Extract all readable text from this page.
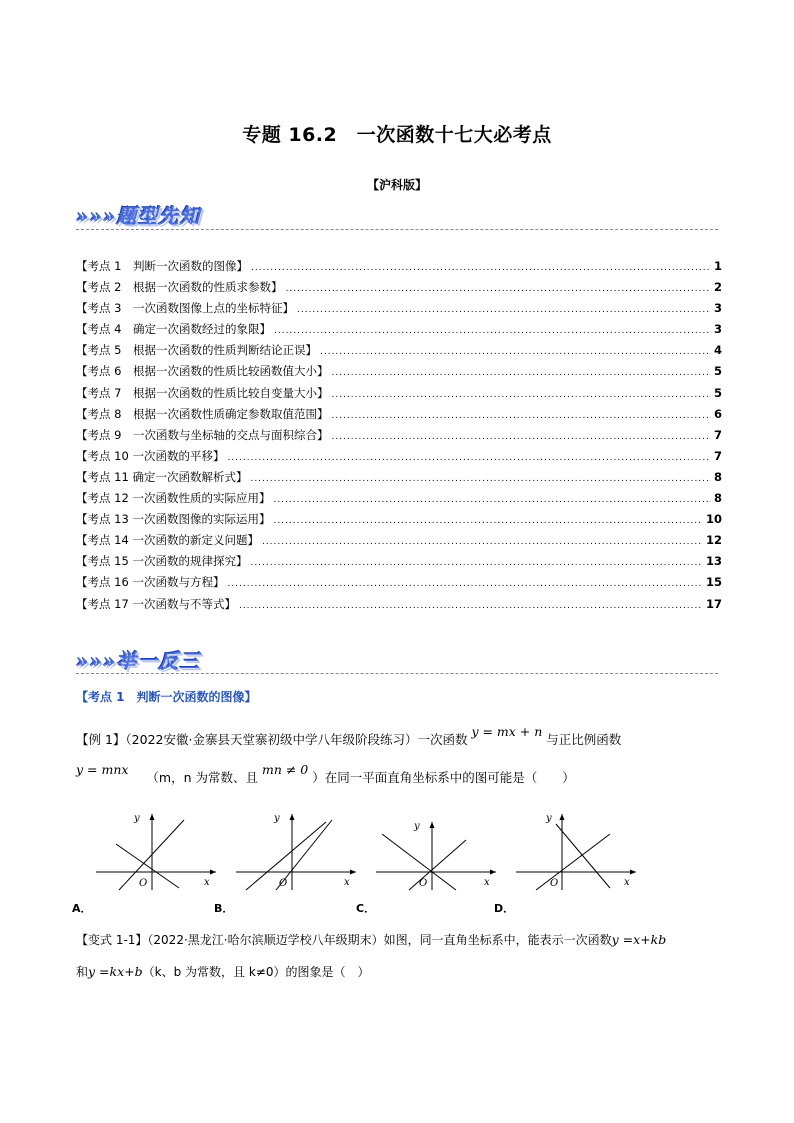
专题 16.2　一次函数十七大必考点
【沪科版】
»»»题型先知
【考点 1　判断一次函数的图像】 .....	1
【考点 2　根据一次函数的性质求参数】 .....	2
【考点 3　一次函数图像上点的坐标特征】 .....	3
【考点 4　确定一次函数经过的象限】 .....	3
【考点 5　根据一次函数的性质判断结论正误】 .....	4
【考点 6　根据一次函数的性质比较函数值大小】 .....	5
【考点 7　根据一次函数的性质比较自变量大小】 .....	5
【考点 8　根据一次函数性质确定参数取值范围】 .....	6
【考点 9　一次函数与坐标轴的交点与面积综合】 .....	7
【考点 10 一次函数的平移】 .....	7
【考点 11 确定一次函数解析式】 .....	8
【考点 12 一次函数性质的实际应用】 .....	8
【考点 13 一次函数图像的实际运用】 .....	10
【考点 14 一次函数的新定义问题】 .....	12
【考点 15 一次函数的规律探究】 .....	13
【考点 16 一次函数与方程】 .....	15
【考点 17 一次函数与不等式】 .....	17
»»»举一反三
【考点 1　判断一次函数的图像】
【例 1】（2022安徽·金寨县天堂寨初级中学八年级阶段练习）一次函数 y = mx + n 与正比例函数
y = mnx （m，n 为常数、且 mn ≠ 0 ）在同一平面直角坐标系中的图可能是（　　）
y
x
O
y
x
O
y
x
O
y
x
O
A．	B．	C．	D．
【变式 1-1】（2022·黑龙江·哈尔滨顺迈学校八年级期末）如图，同一直角坐标系中，能表示一次函数y =x+kb
和y =kx+b（k、b 为常数，且 k≠0）的图象是（　）
